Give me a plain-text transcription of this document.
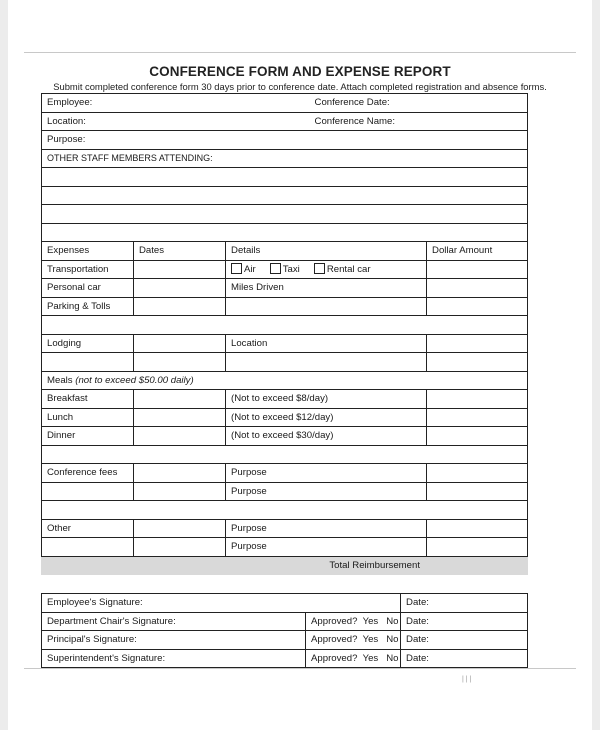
CONFERENCE FORM AND EXPENSE REPORT
Submit completed conference form 30 days prior to conference date. Attach completed registration and absence forms.
Employee:		Conference Date:	
Location:		Conference Name:	
Purpose:			
OTHER STAFF MEMBERS ATTENDING:			

Expenses	Dates	Details	Dollar Amount
Transportation		Air Taxi Rental car	
Personal car		Miles Driven	
Parking & Tolls			

Lodging		Location	

Meals (not to exceed $50.00 daily)			
Breakfast		(Not to exceed $8/day)	
Lunch		(Not to exceed $12/day)	
Dinner		(Not to exceed $30/day)	

Conference fees		Purpose	
		Purpose	

Other		Purpose	
		Purpose	
Total Reimbursement			
Employee's Signature:		Date:
Department Chair's Signature:	Approved? Yes No	Date:
Principal's Signature:	Approved? Yes No	Date:
Superintendent's Signature:	Approved? Yes No	Date:
| | |
